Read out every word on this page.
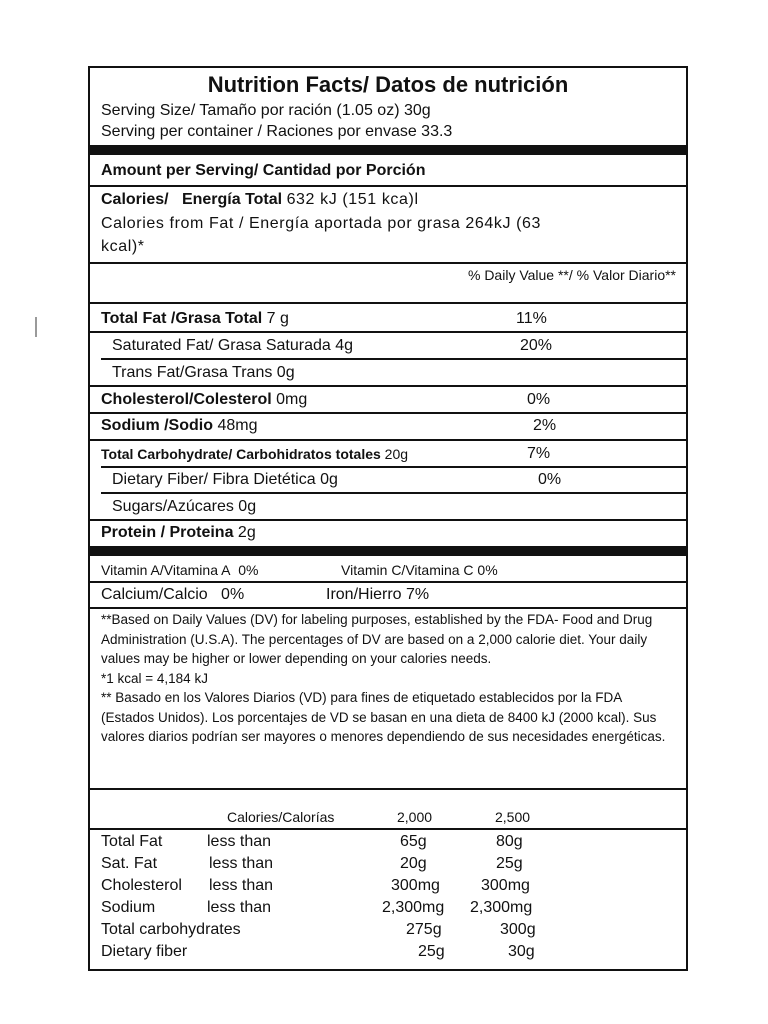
Nutrition Facts/ Datos de nutrición
Serving Size/ Tamaño por ración (1.05 oz) 30g
Serving per container / Raciones por envase 33.3
Amount per Serving/ Cantidad por Porción
Calories/ Energía Total 632 kJ (151 kca)l
Calories from Fat / Energía aportada por grasa 264kJ (63
kcal)*
% Daily Value **/ % Valor Diario**
Total Fat /Grasa Total 7 g	11%
Saturated Fat/ Grasa Saturada 4g	20%
Trans Fat/Grasa Trans 0g
Cholesterol/Colesterol 0mg	0%
Sodium /Sodio 48mg	2%
Total Carbohydrate/ Carbohidratos totales 20g	7%
Dietary Fiber/ Fibra Dietética 0g	0%
Sugars/Azúcares 0g
Protein / Proteina 2g
Vitamin A/Vitamina A 0%	Vitamin C/Vitamina C 0%
Calcium/Calcio 0%	Iron/Hierro 7%

**Based on Daily Values (DV) for labeling purposes, established by the FDA- Food and Drug Administration (U.S.A). The percentages of DV are based on a 2,000 calorie diet. Your daily values may be higher or lower depending on your calories needs.

*1 kcal = 4,184 kJ

** Basado en los Valores Diarios (VD) para fines de etiquetado establecidos por la FDA (Estados Unidos). Los porcentajes de VD se basan en una dieta de 8400 kJ (2000 kcal). Sus valores diarios podrían ser mayores o menores dependiendo de sus necesidades energéticas.

Calories/Calorías	2,000	2,500
Total Fat	less than	65g	80g
Sat. Fat	less than	20g	25g
Cholesterol less than	300mg	300mg
Sodium	less than	2,300mg 2,300mg
Total carbohydrates	275g	300g
Dietary fiber	25g	30g
